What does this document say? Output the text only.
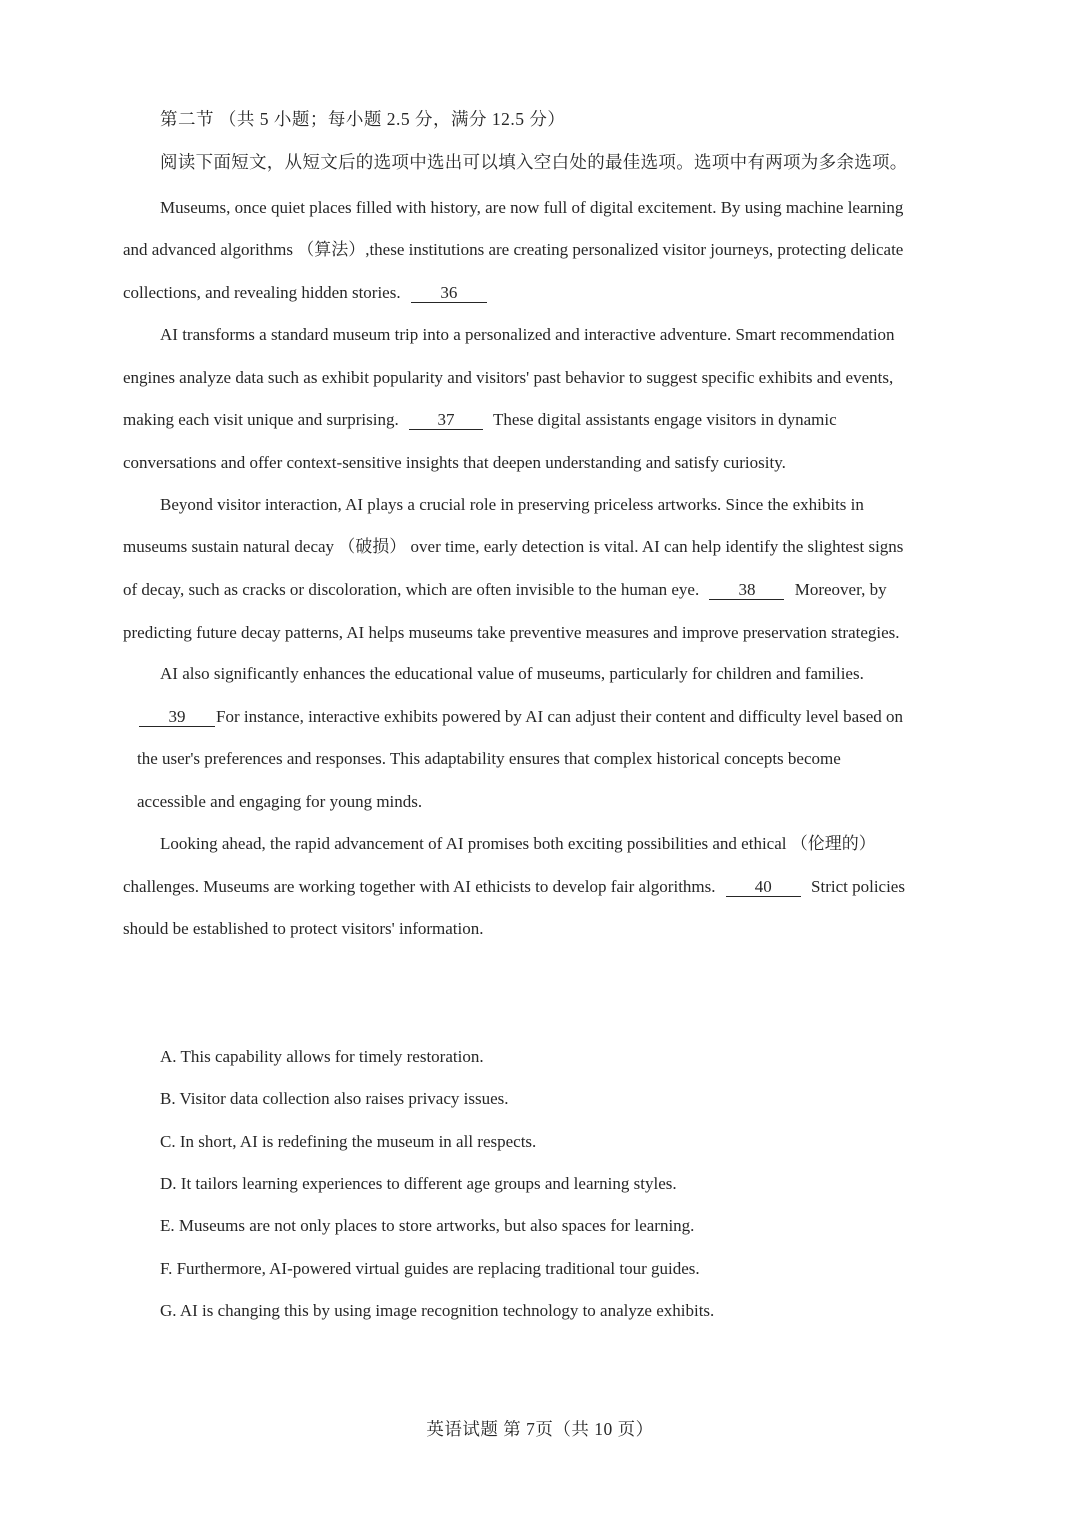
第二节 （共 5 小题；每小题 2.5 分，满分 12.5 分）
阅读下面短文，从短文后的选项中选出可以填入空白处的最佳选项。选项中有两项为多余选项。
Museums, once quiet places filled with history, are now full of digital excitement. By using machine learning
and advanced algorithms （算法）,these institutions are creating personalized visitor journeys, protecting delicate
collections, and revealing hidden stories. 36
AI transforms a standard museum trip into a personalized and interactive adventure. Smart recommendation
engines analyze data such as exhibit popularity and visitors' past behavior to suggest specific exhibits and events,
making each visit unique and surprising. 37 These digital assistants engage visitors in dynamic
conversations and offer context-sensitive insights that deepen understanding and satisfy curiosity.
Beyond visitor interaction, AI plays a crucial role in preserving priceless artworks. Since the exhibits in
museums sustain natural decay （破损） over time, early detection is vital. AI can help identify the slightest signs
of decay, such as cracks or discoloration, which are often invisible to the human eye. 38 Moreover, by
predicting future decay patterns, AI helps museums take preventive measures and improve preservation strategies.
AI also significantly enhances the educational value of museums, particularly for children and families.
39 For instance, interactive exhibits powered by AI can adjust their content and difficulty level based on
the user's preferences and responses. This adaptability ensures that complex historical concepts become
accessible and engaging for young minds.
Looking ahead, the rapid advancement of AI promises both exciting possibilities and ethical （伦理的）
challenges. Museums are working together with AI ethicists to develop fair algorithms. 40 Strict policies
should be established to protect visitors' information.
A. This capability allows for timely restoration.
B. Visitor data collection also raises privacy issues.
C. In short, AI is redefining the museum in all respects.
D. It tailors learning experiences to different age groups and learning styles.
E. Museums are not only places to store artworks, but also spaces for learning.
F. Furthermore, AI-powered virtual guides are replacing traditional tour guides.
G. AI is changing this by using image recognition technology to analyze exhibits.
英语试题 第 7页（共 10 页）
